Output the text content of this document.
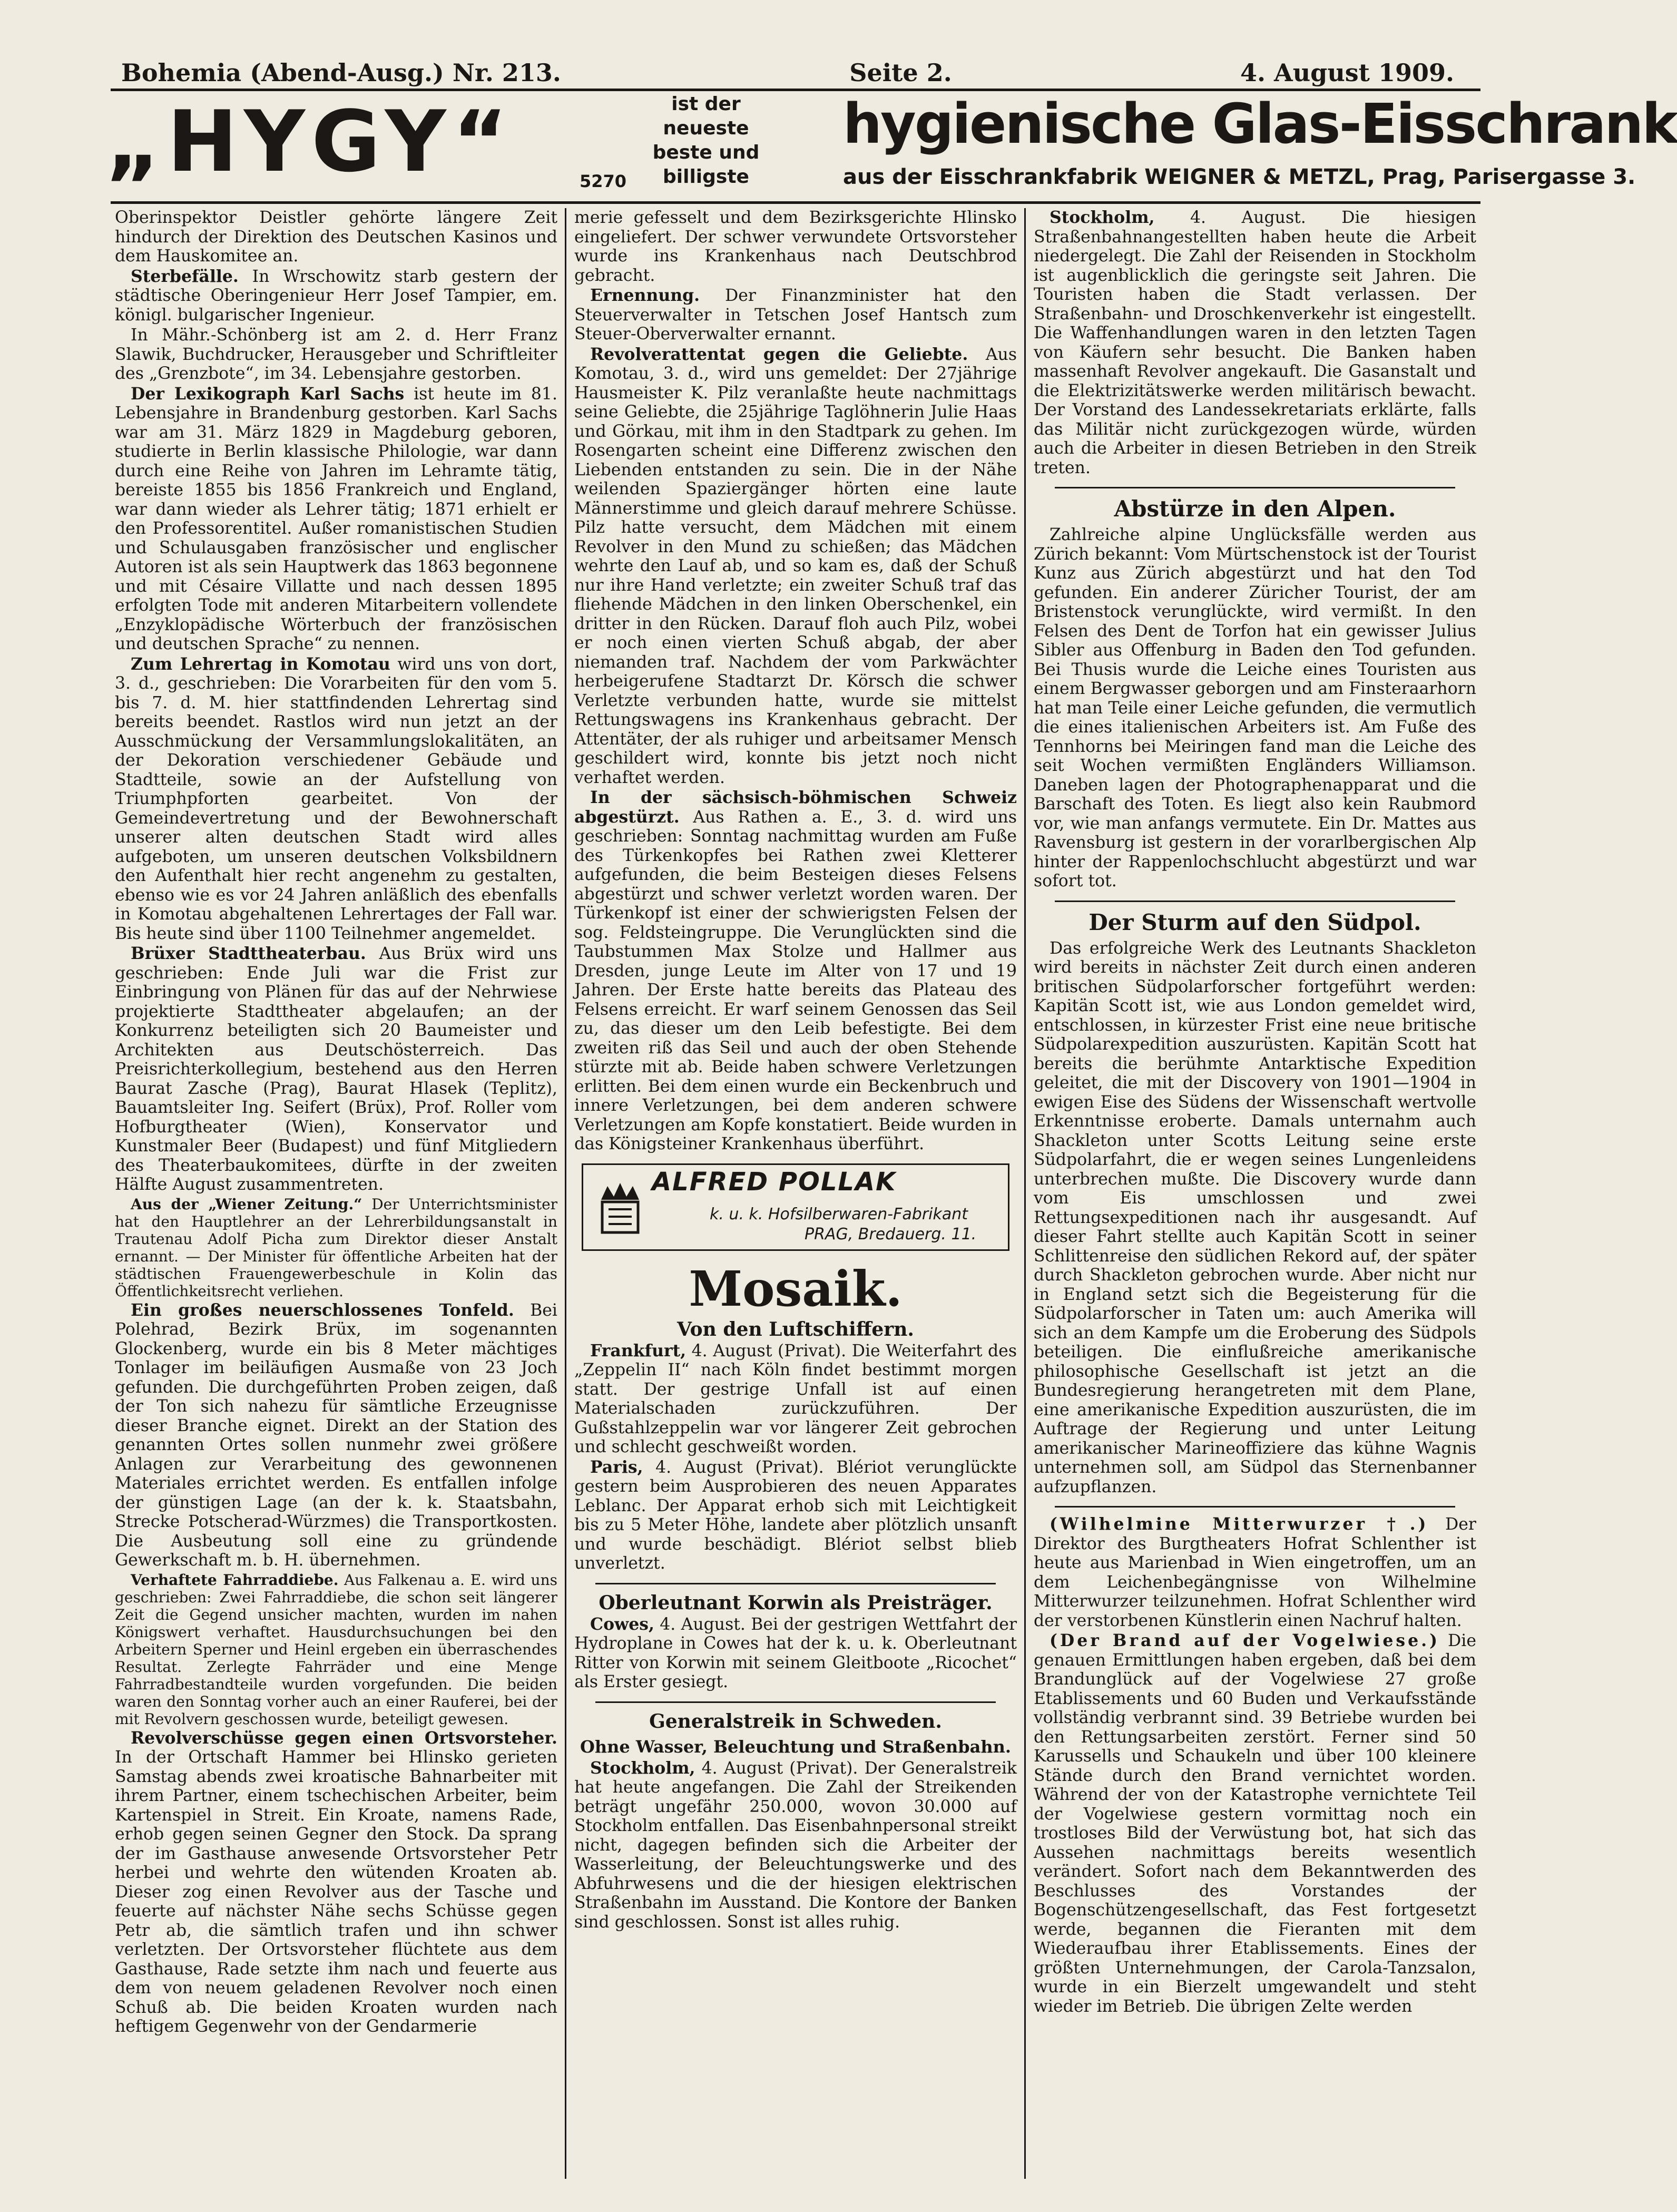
Bohemia (Abend-Ausg.) Nr. 213.	Seite 2.	4. August 1909.
„HYGY“	ist der
neueste
beste und
billigste
5270
hygienische Glas-Eisschrank
aus der Eisschrankfabrik WEIGNER & METZL, Prag, Parisergasse 3.

Oberinspektor Deistler gehörte längere Zeit hindurch der Direktion des Deutschen Kasinos und dem Hauskomitee an.

Sterbefälle. In Wrschowitz starb gestern der städtische Oberingenieur Herr Josef Tampier, em. königl. bulgarischer Ingenieur.

In Mähr.-Schönberg ist am 2. d. Herr Franz Slawik, Buchdrucker, Herausgeber und Schriftleiter des „Grenzbote“, im 34. Lebensjahre gestorben.

Der Lexikograph Karl Sachs ist heute im 81. Lebensjahre in Brandenburg gestorben. Karl Sachs war am 31. März 1829 in Magdeburg geboren, studierte in Berlin klassische Philologie, war dann durch eine Reihe von Jahren im Lehramte tätig, bereiste 1855 bis 1856 Frankreich und England, war dann wieder als Lehrer tätig; 1871 erhielt er den Professorentitel. Außer romanistischen Studien und Schulausgaben französischer und englischer Autoren ist als sein Hauptwerk das 1863 begonnene und mit Césaire Villatte und nach dessen 1895 erfolgten Tode mit anderen Mitarbeitern vollendete „Enzyklopädische Wörterbuch der französischen und deutschen Sprache“ zu nennen.

Zum Lehrertag in Komotau wird uns von dort, 3. d., geschrieben: Die Vorarbeiten für den vom 5. bis 7. d. M. hier stattfindenden Lehrertag sind bereits beendet. Rastlos wird nun jetzt an der Ausschmückung der Versammlungslokalitäten, an der Dekoration verschiedener Gebäude und Stadtteile, sowie an der Aufstellung von Triumphpforten gearbeitet. Von der Gemeindevertretung und der Bewohnerschaft unserer alten deutschen Stadt wird alles aufgeboten, um unseren deutschen Volksbildnern den Aufenthalt hier recht angenehm zu gestalten, ebenso wie es vor 24 Jahren anläßlich des ebenfalls in Komotau abgehaltenen Lehrertages der Fall war. Bis heute sind über 1100 Teilnehmer angemeldet.

Brüxer Stadttheaterbau. Aus Brüx wird uns geschrieben: Ende Juli war die Frist zur Einbringung von Plänen für das auf der Nehrwiese projektierte Stadttheater abgelaufen; an der Konkurrenz beteiligten sich 20 Baumeister und Architekten aus Deutschösterreich. Das Preisrichterkollegium, bestehend aus den Herren Baurat Zasche (Prag), Baurat Hlasek (Teplitz), Bauamtsleiter Ing. Seifert (Brüx), Prof. Roller vom Hofburgtheater (Wien), Konservator und Kunstmaler Beer (Budapest) und fünf Mitgliedern des Theaterbaukomitees, dürfte in der zweiten Hälfte August zusammentreten.

Aus der „Wiener Zeitung.“ Der Unterrichtsminister hat den Hauptlehrer an der Lehrerbildungsanstalt in Trautenau Adolf Picha zum Direktor dieser Anstalt ernannt. — Der Minister für öffentliche Arbeiten hat der städtischen Frauengewerbeschule in Kolin das Öffentlichkeitsrecht verliehen.

Ein großes neuerschlossenes Tonfeld. Bei Polehrad, Bezirk Brüx, im sogenannten Glockenberg, wurde ein bis 8 Meter mächtiges Tonlager im beiläufigen Ausmaße von 23 Joch gefunden. Die durchgeführten Proben zeigen, daß der Ton sich nahezu für sämtliche Erzeugnisse dieser Branche eignet. Direkt an der Station des genannten Ortes sollen nunmehr zwei größere Anlagen zur Verarbeitung des gewonnenen Materiales errichtet werden. Es entfallen infolge der günstigen Lage (an der k. k. Staatsbahn, Strecke Potscherad-Würzmes) die Transportkosten. Die Ausbeutung soll eine zu gründende Gewerkschaft m. b. H. übernehmen.

Verhaftete Fahrraddiebe. Aus Falkenau a. E. wird uns geschrieben: Zwei Fahrraddiebe, die schon seit längerer Zeit die Gegend unsicher machten, wurden im nahen Königswert verhaftet. Hausdurchsuchungen bei den Arbeitern Sperner und Heinl ergeben ein überraschendes Resultat. Zerlegte Fahrräder und eine Menge Fahrradbestandteile wurden vorgefunden. Die beiden waren den Sonntag vorher auch an einer Rauferei, bei der mit Revolvern geschossen wurde, beteiligt gewesen.

Revolverschüsse gegen einen Ortsvorsteher. In der Ortschaft Hammer bei Hlinsko gerieten Samstag abends zwei kroatische Bahnarbeiter mit ihrem Partner, einem tschechischen Arbeiter, beim Kartenspiel in Streit. Ein Kroate, namens Rade, erhob gegen seinen Gegner den Stock. Da sprang der im Gasthause anwesende Ortsvorsteher Petr herbei und wehrte den wütenden Kroaten ab. Dieser zog einen Revolver aus der Tasche und feuerte auf nächster Nähe sechs Schüsse gegen Petr ab, die sämtlich trafen und ihn schwer verletzten. Der Ortsvorsteher flüchtete aus dem Gasthause, Rade setzte ihm nach und feuerte aus dem von neuem geladenen Revolver noch einen Schuß ab. Die beiden Kroaten wurden nach heftigem Gegenwehr von der Gendarmerie

merie gefesselt und dem Bezirksgerichte Hlinsko eingeliefert. Der schwer verwundete Ortsvorsteher wurde ins Krankenhaus nach Deutschbrod gebracht.

Ernennung. Der Finanzminister hat den Steuerverwalter in Tetschen Josef Hantsch zum Steuer-Oberverwalter ernannt.

Revolverattentat gegen die Geliebte. Aus Komotau, 3. d., wird uns gemeldet: Der 27jährige Hausmeister K. Pilz veranlaßte heute nachmittags seine Geliebte, die 25jährige Taglöhnerin Julie Haas und Görkau, mit ihm in den Stadtpark zu gehen. Im Rosengarten scheint eine Differenz zwischen den Liebenden entstanden zu sein. Die in der Nähe weilenden Spaziergänger hörten eine laute Männerstimme und gleich darauf mehrere Schüsse. Pilz hatte versucht, dem Mädchen mit einem Revolver in den Mund zu schießen; das Mädchen wehrte den Lauf ab, und so kam es, daß der Schuß nur ihre Hand verletzte; ein zweiter Schuß traf das fliehende Mädchen in den linken Oberschenkel, ein dritter in den Rücken. Darauf floh auch Pilz, wobei er noch einen vierten Schuß abgab, der aber niemanden traf. Nachdem der vom Parkwächter herbeigerufene Stadtarzt Dr. Körsch die schwer Verletzte verbunden hatte, wurde sie mittelst Rettungswagens ins Krankenhaus gebracht. Der Attentäter, der als ruhiger und arbeitsamer Mensch geschildert wird, konnte bis jetzt noch nicht verhaftet werden.

In der sächsisch-böhmischen Schweiz abgestürzt. Aus Rathen a. E., 3. d. wird uns geschrieben: Sonntag nachmittag wurden am Fuße des Türkenkopfes bei Rathen zwei Kletterer aufgefunden, die beim Besteigen dieses Felsens abgestürzt und schwer verletzt worden waren. Der Türkenkopf ist einer der schwierigsten Felsen der sog. Feldsteingruppe. Die Verunglückten sind die Taubstummen Max Stolze und Hallmer aus Dresden, junge Leute im Alter von 17 und 19 Jahren. Der Erste hatte bereits das Plateau des Felsens erreicht. Er warf seinem Genossen das Seil zu, das dieser um den Leib befestigte. Bei dem zweiten riß das Seil und auch der oben Stehende stürzte mit ab. Beide haben schwere Verletzungen erlitten. Bei dem einen wurde ein Beckenbruch und innere Verletzungen, bei dem anderen schwere Verletzungen am Kopfe konstatiert. Beide wurden in das Königsteiner Krankenhaus überführt.

ALFRED POLLAK
k. u. k. Hofsilberwaren-Fabrikant
PRAG, Bredauerg. 11.
Mosaik.
Von den Luftschiffern.

Frankfurt, 4. August (Privat). Die Weiterfahrt des „Zeppelin II“ nach Köln findet bestimmt morgen statt. Der gestrige Unfall ist auf einen Materialschaden zurückzuführen. Der Gußstahlzeppelin war vor längerer Zeit gebrochen und schlecht geschweißt worden.

Paris, 4. August (Privat). Blériot verunglückte gestern beim Ausprobieren des neuen Apparates Leblanc. Der Apparat erhob sich mit Leichtigkeit bis zu 5 Meter Höhe, landete aber plötzlich unsanft und wurde beschädigt. Blériot selbst blieb unverletzt.

Oberleutnant Korwin als Preisträger.

Cowes, 4. August. Bei der gestrigen Wettfahrt der Hydroplane in Cowes hat der k. u. k. Oberleutnant Ritter von Korwin mit seinem Gleitboote „Ricochet“ als Erster gesiegt.

Generalstreik in Schweden.
Ohne Wasser, Beleuchtung und Straßenbahn.

Stockholm, 4. August (Privat). Der Generalstreik hat heute angefangen. Die Zahl der Streikenden beträgt ungefähr 250.000, wovon 30.000 auf Stockholm entfallen. Das Eisenbahnpersonal streikt nicht, dagegen befinden sich die Arbeiter der Wasserleitung, der Beleuchtungswerke und des Abfuhrwesens und die der hiesigen elektrischen Straßenbahn im Ausstand. Die Kontore der Banken sind geschlossen. Sonst ist alles ruhig.

Stockholm, 4. August. Die hiesigen Straßenbahnangestellten haben heute die Arbeit niedergelegt. Die Zahl der Reisenden in Stockholm ist augenblicklich die geringste seit Jahren. Die Touristen haben die Stadt verlassen. Der Straßenbahn- und Droschkenverkehr ist eingestellt. Die Waffenhandlungen waren in den letzten Tagen von Käufern sehr besucht. Die Banken haben massenhaft Revolver angekauft. Die Gasanstalt und die Elektrizitätswerke werden militärisch bewacht. Der Vorstand des Landessekretariats erklärte, falls das Militär nicht zurückgezogen würde, würden auch die Arbeiter in diesen Betrieben in den Streik treten.

Abstürze in den Alpen.

Zahlreiche alpine Unglücksfälle werden aus Zürich bekannt: Vom Mürtschenstock ist der Tourist Kunz aus Zürich abgestürzt und hat den Tod gefunden. Ein anderer Züricher Tourist, der am Bristenstock verunglückte, wird vermißt. In den Felsen des Dent de Torfon hat ein gewisser Julius Sibler aus Offenburg in Baden den Tod gefunden. Bei Thusis wurde die Leiche eines Touristen aus einem Bergwasser geborgen und am Finsteraarhorn hat man Teile einer Leiche gefunden, die vermutlich die eines italienischen Arbeiters ist. Am Fuße des Tennhorns bei Meiringen fand man die Leiche des seit Wochen vermißten Engländers Williamson. Daneben lagen der Photographenapparat und die Barschaft des Toten. Es liegt also kein Raubmord vor, wie man anfangs vermutete. Ein Dr. Mattes aus Ravensburg ist gestern in der vorarlbergischen Alp hinter der Rappenlochschlucht abgestürzt und war sofort tot.

Der Sturm auf den Südpol.

Das erfolgreiche Werk des Leutnants Shackleton wird bereits in nächster Zeit durch einen anderen britischen Südpolarforscher fortgeführt werden: Kapitän Scott ist, wie aus London gemeldet wird, entschlossen, in kürzester Frist eine neue britische Südpolarexpedition auszurüsten. Kapitän Scott hat bereits die berühmte Antarktische Expedition geleitet, die mit der Discovery von 1901—1904 in ewigen Eise des Südens der Wissenschaft wertvolle Erkenntnisse eroberte. Damals unternahm auch Shackleton unter Scotts Leitung seine erste Südpolarfahrt, die er wegen seines Lungenleidens unterbrechen mußte. Die Discovery wurde dann vom Eis umschlossen und zwei Rettungsexpeditionen nach ihr ausgesandt. Auf dieser Fahrt stellte auch Kapitän Scott in seiner Schlittenreise den südlichen Rekord auf, der später durch Shackleton gebrochen wurde. Aber nicht nur in England setzt sich die Begeisterung für die Südpolarforscher in Taten um: auch Amerika will sich an dem Kampfe um die Eroberung des Südpols beteiligen. Die einflußreiche amerikanische philosophische Gesellschaft ist jetzt an die Bundesregierung herangetreten mit dem Plane, eine amerikanische Expedition auszurüsten, die im Auftrage der Regierung und unter Leitung amerikanischer Marineoffiziere das kühne Wagnis unternehmen soll, am Südpol das Sternenbanner aufzupflanzen.

(Wilhelmine Mitterwurzer †.) Der Direktor des Burgtheaters Hofrat Schlenther ist heute aus Marienbad in Wien eingetroffen, um an dem Leichenbegängnisse von Wilhelmine Mitterwurzer teilzunehmen. Hofrat Schlenther wird der verstorbenen Künstlerin einen Nachruf halten.

(Der Brand auf der Vogelwiese.) Die genauen Ermittlungen haben ergeben, daß bei dem Brandunglück auf der Vogelwiese 27 große Etablissements und 60 Buden und Verkaufsstände vollständig verbrannt sind. 39 Betriebe wurden bei den Rettungsarbeiten zerstört. Ferner sind 50 Karussells und Schaukeln und über 100 kleinere Stände durch den Brand vernichtet worden. Während der von der Katastrophe vernichtete Teil der Vogelwiese gestern vormittag noch ein trostloses Bild der Verwüstung bot, hat sich das Aussehen nachmittags bereits wesentlich verändert. Sofort nach dem Bekanntwerden des Beschlusses des Vorstandes der Bogenschützengesellschaft, das Fest fortgesetzt werde, begannen die Fieranten mit dem Wiederaufbau ihrer Etablissements. Eines der größten Unternehmungen, der Carola-Tanzsalon, wurde in ein Bierzelt umgewandelt und steht wieder im Betrieb. Die übrigen Zelte werden
